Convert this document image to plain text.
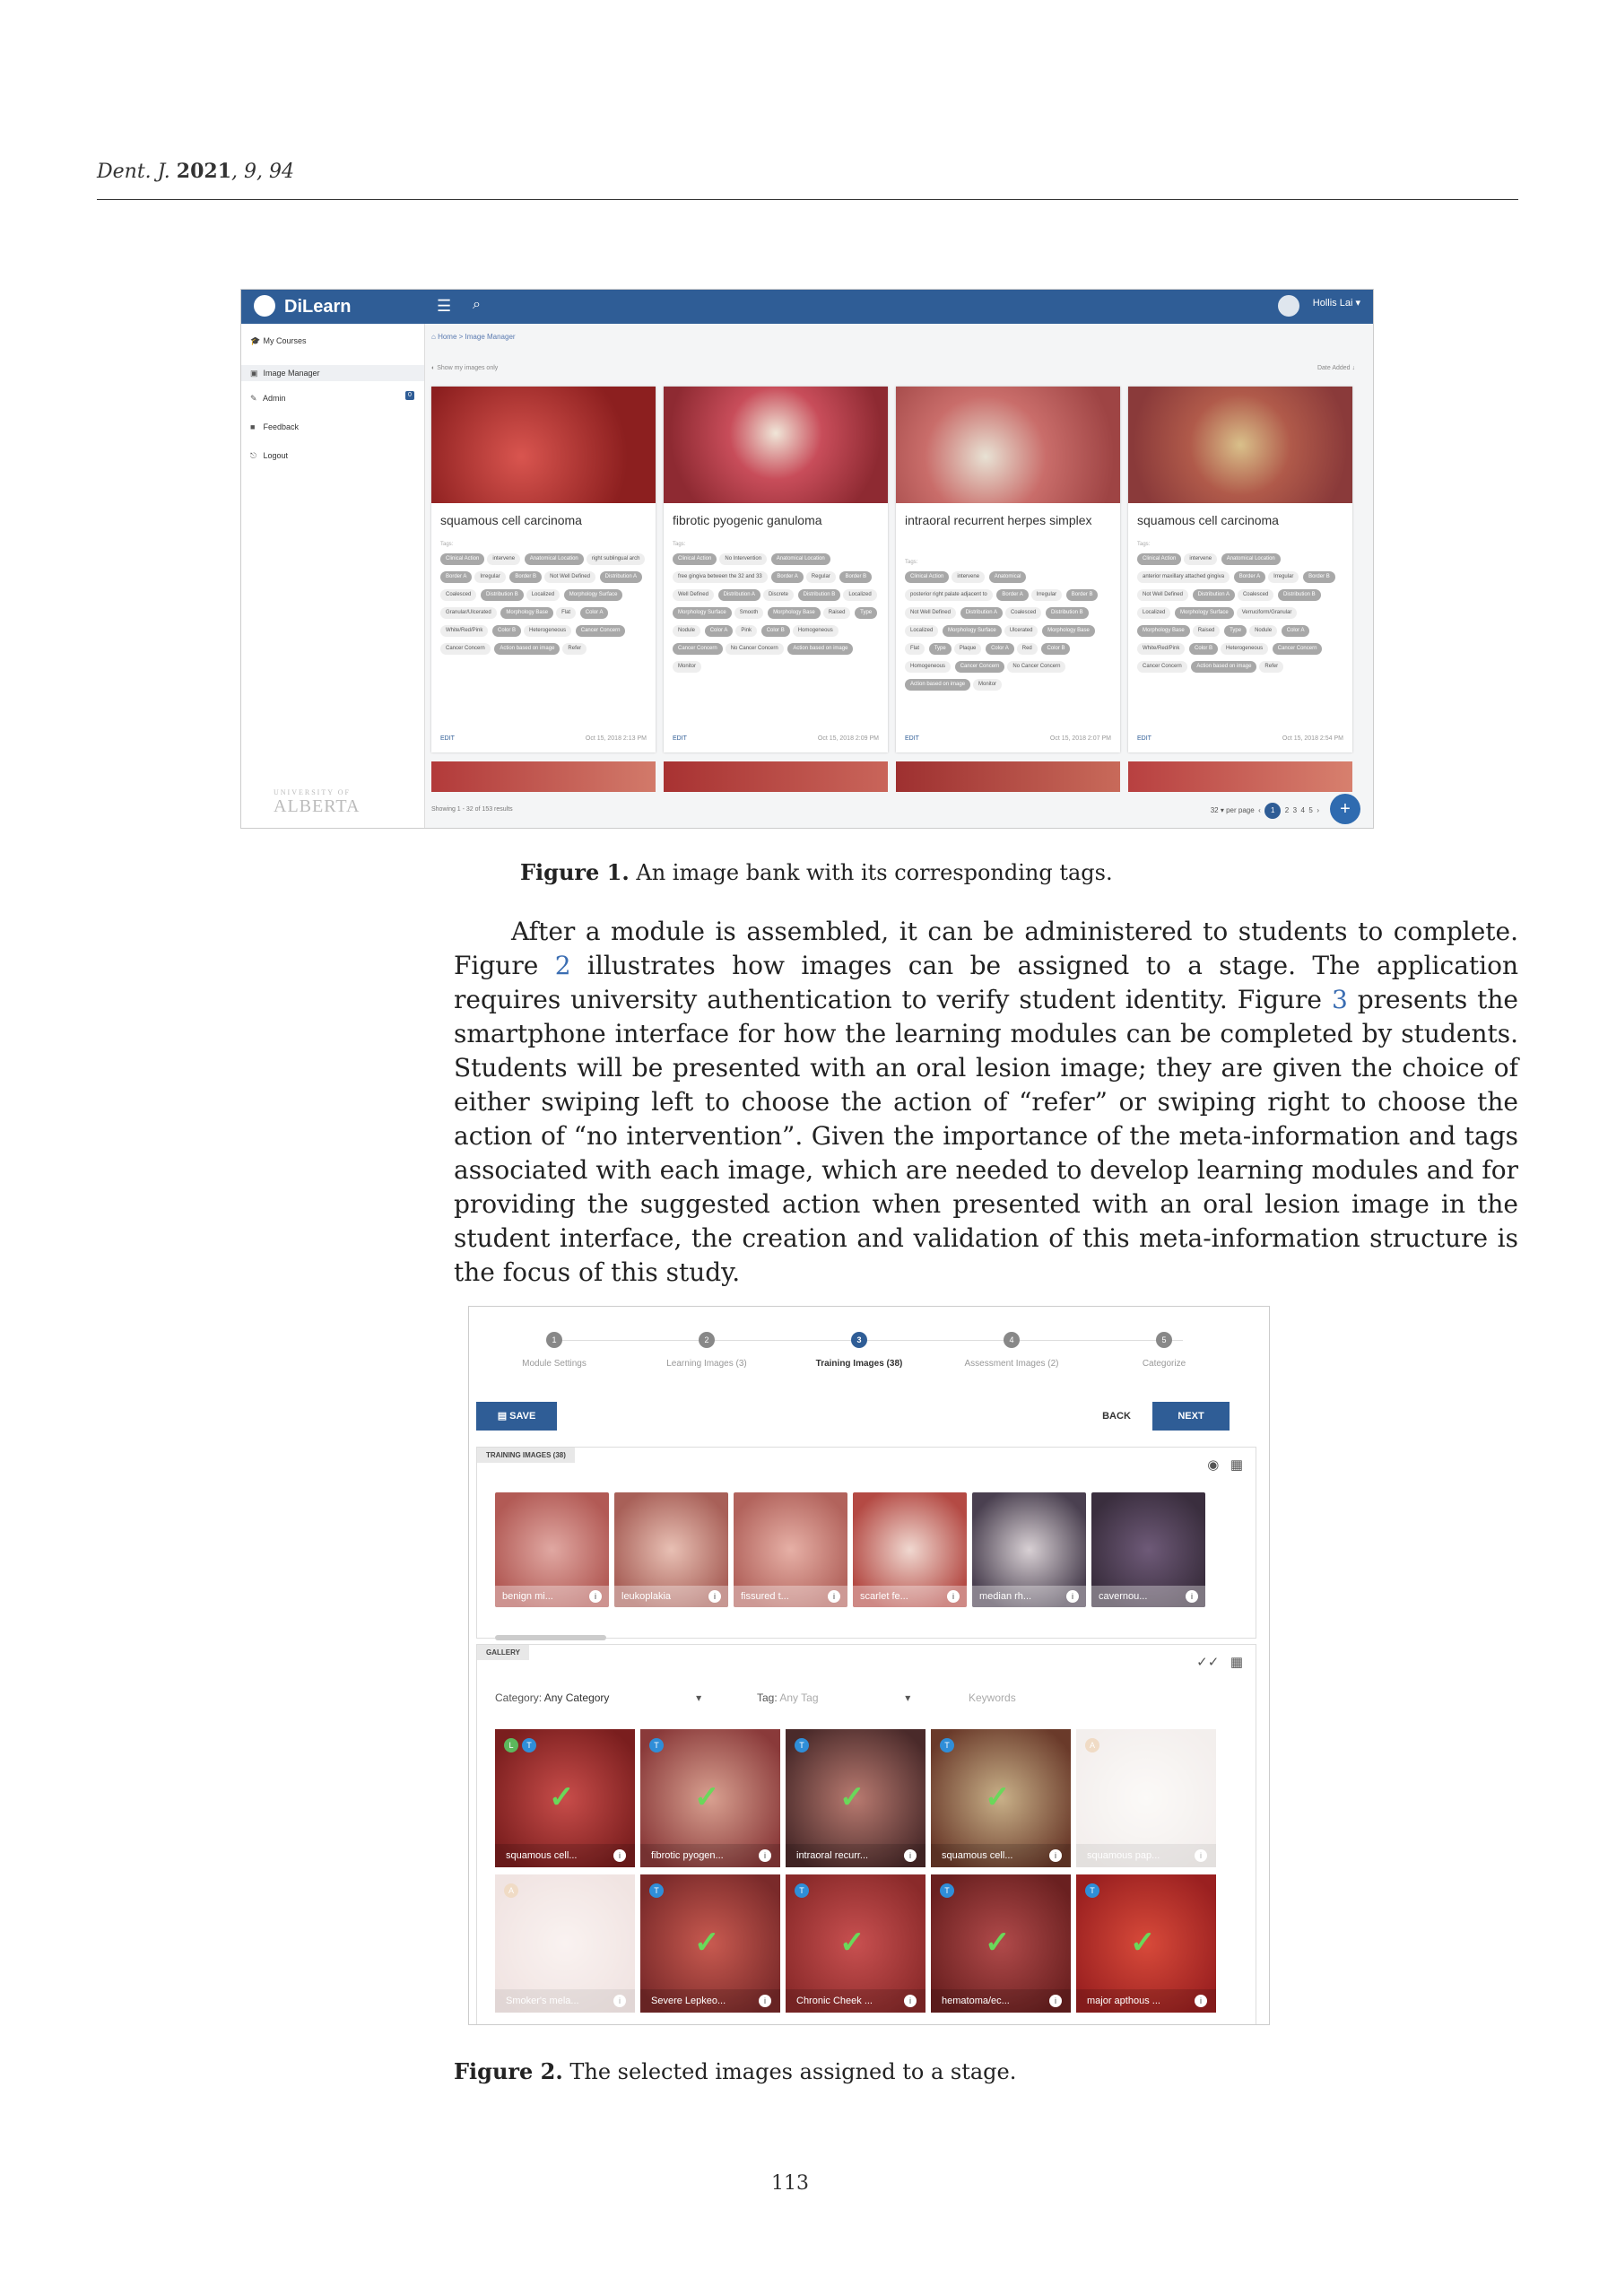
Dent. J. 2021, 9, 94
DiLearn	☰ ⌕	Hollis Lai ▾
🎓 My Courses
▣ Image Manager
✎ Admin
■ Feedback
⎋ Logout
0
UNIVERSITY OF
ALBERTA
⌂ Home > Image Manager
◐ Show my images only	Date Added ↓
squamous cell carcinoma
Tags:
Clinical Action	intervene	Anatomical Location	right sublingual arch Border A	Irregular	Border B	Not Well Defined	Distribution ACoalesced	Distribution B	Localized	Morphology SurfaceGranular/Ulcerated	Morphology Base	Flat	Color AWhite/Red/Pink	Color B	Heterogeneous	Cancer ConcernCancer Concern	Action based on image	Refer
EDIT	Oct 15, 2018 2:13 PM
fibrotic pyogenic ganuloma
Tags:
Clinical Action	No Intervention	Anatomical Locationfree gingiva between the 32 and 33	Border A	Regular	Border BWell Defined	Distribution A	Discrete	Distribution B	Localized Morphology Surface	Smooth	Morphology Base	Raised	TypeNodule	Color A	Pink	Color B	Homogeneous Cancer Concern	No Cancer Concern	Action based on imageMonitor
EDIT	Oct 15, 2018 2:09 PM
intraoral recurrent herpes simplex
Tags:
Clinical Action	intervene	Anatomicalposterior right palate adjacent to	Border A	Irregular	Border BNot Well Defined	Distribution A	Coalesced	Distribution BLocalized	Morphology Surface	Ulcerated	Morphology BaseFlat	Type	Plaque	Color A	Red	Color BHomogeneous	Cancer Concern	No Cancer Concern Action based on image	Monitor
EDIT	Oct 15, 2018 2:07 PM
squamous cell carcinoma
Tags:
Clinical Action	intervene	Anatomical Locationanterior maxillary attached gingiva	Border A	Irregular	Border BNot Well Defined	Distribution A	Coalesced	Distribution BLocalized	Morphology Surface	Verruciform/Granular Morphology Base	Raised	Type	Nodule	Color AWhite/Red/Pink	Color B	Heterogeneous	Cancer ConcernCancer Concern	Action based on image	Refer
EDIT	Oct 15, 2018 2:54 PM
Showing 1 - 32 of 153 results	32 ▾ per page ‹ 1 2 3 4 5 ›	+
Figure 1. An image bank with its corresponding tags.

After a module is assembled, it can be administered to students to complete. Figure 2 illustrates how images can be assigned to a stage. The application requires university authentication to verify student identity. Figure 3 presents the smartphone interface for how the learning modules can be completed by students. Students will be presented with an oral lesion image; they are given the choice of either swiping left to choose the action of “refer” or swiping right to choose the action of “no intervention”. Given the importance of the meta-information and tags associated with each image, which are needed to develop learning modules and for providing the suggested action when presented with an oral lesion image in the student interface, the creation and validation of this meta-information structure is the focus of this study.

1
Module Settings
2
Learning Images (3)
3
Training Images (38)
4
Assessment Images (2)
5
Categorize
▤ SAVE	BACK	NEXT
TRAINING IMAGES (38)
◉ ▦
benign mi...	i	leukoplakia	i	fissured t...	i	scarlet fe...	i	median rh...	i	cavernou...	i
GALLERY
✓✓ ▦
Category: Any Category	▾	Tag: Any Tag	▾	Keywords
L	T
✓
squamous cell...	i
T
✓
fibrotic pyogen...	i
T
✓
intraoral recurr...	i
T
✓
squamous cell...	i
A
squamous pap...	i
A
Smoker's mela...	i
T
✓
Severe Lepkeo...	i
T
✓
Chronic Cheek ...	i
T
✓
hematoma/ec...	i
T
✓
major apthous ...	i
Figure 2. The selected images assigned to a stage.
113
